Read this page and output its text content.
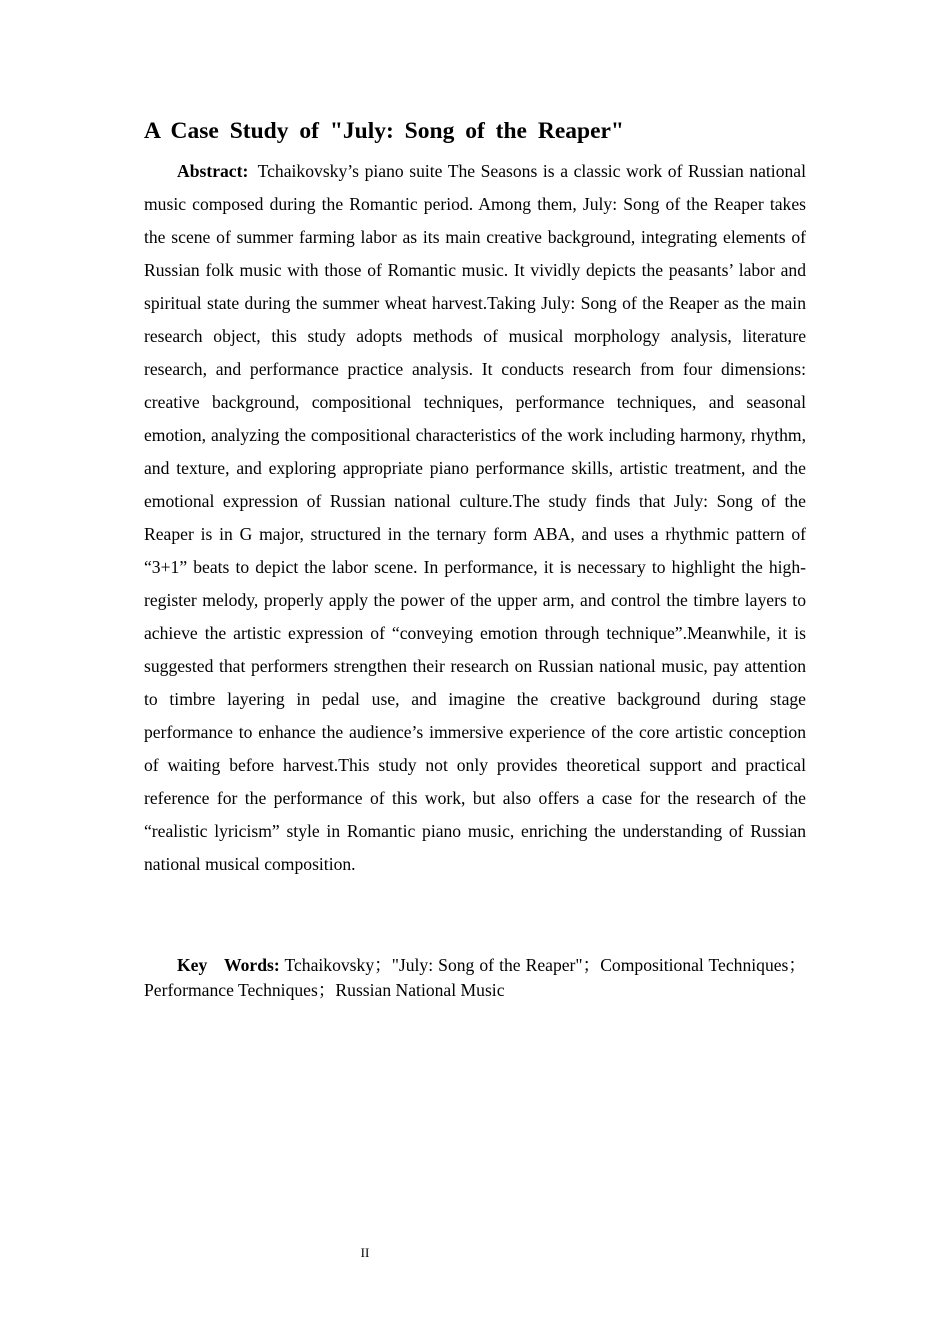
A Case Study of "July: Song of the Reaper"

Abstract: Tchaikovsky’s piano suite The Seasons is a classic work of Russian national music composed during the Romantic period. Among them, July: Song of the Reaper takes the scene of summer farming labor as its main creative background, integrating elements of Russian folk music with those of Romantic music. It vividly depicts the peasants’ labor and spiritual state during the summer wheat harvest.Taking July: Song of the Reaper as the main research object, this study adopts methods of musical morphology analysis, literature research, and performance practice analysis. It conducts research from four dimensions: creative background, compositional techniques, performance techniques, and seasonal emotion, analyzing the compositional characteristics of the work including harmony, rhythm, and texture, and exploring appropriate piano performance skills, artistic treatment, and the emotional expression of Russian national culture.The study finds that July: Song of the Reaper is in G major, structured in the ternary form ABA, and uses a rhythmic pattern of “3+1” beats to depict the labor scene. In performance, it is necessary to highlight the high-register melody, properly apply the power of the upper arm, and control the timbre layers to achieve the artistic expression of “conveying emotion through technique”.Meanwhile, it is suggested that performers strengthen their research on Russian national music, pay attention to timbre layering in pedal use, and imagine the creative background during stage performance to enhance the audience’s immersive experience of the core artistic conception of waiting before harvest.This study not only provides theoretical support and practical reference for the performance of this work, but also offers a case for the research of the “realistic lyricism” style in Romantic piano music, enriching the understanding of Russian national musical composition.

Key Words: Tchaikovsky；"July: Song of the Reaper"；Compositional Techniques；Performance Techniques；Russian National Music

II
